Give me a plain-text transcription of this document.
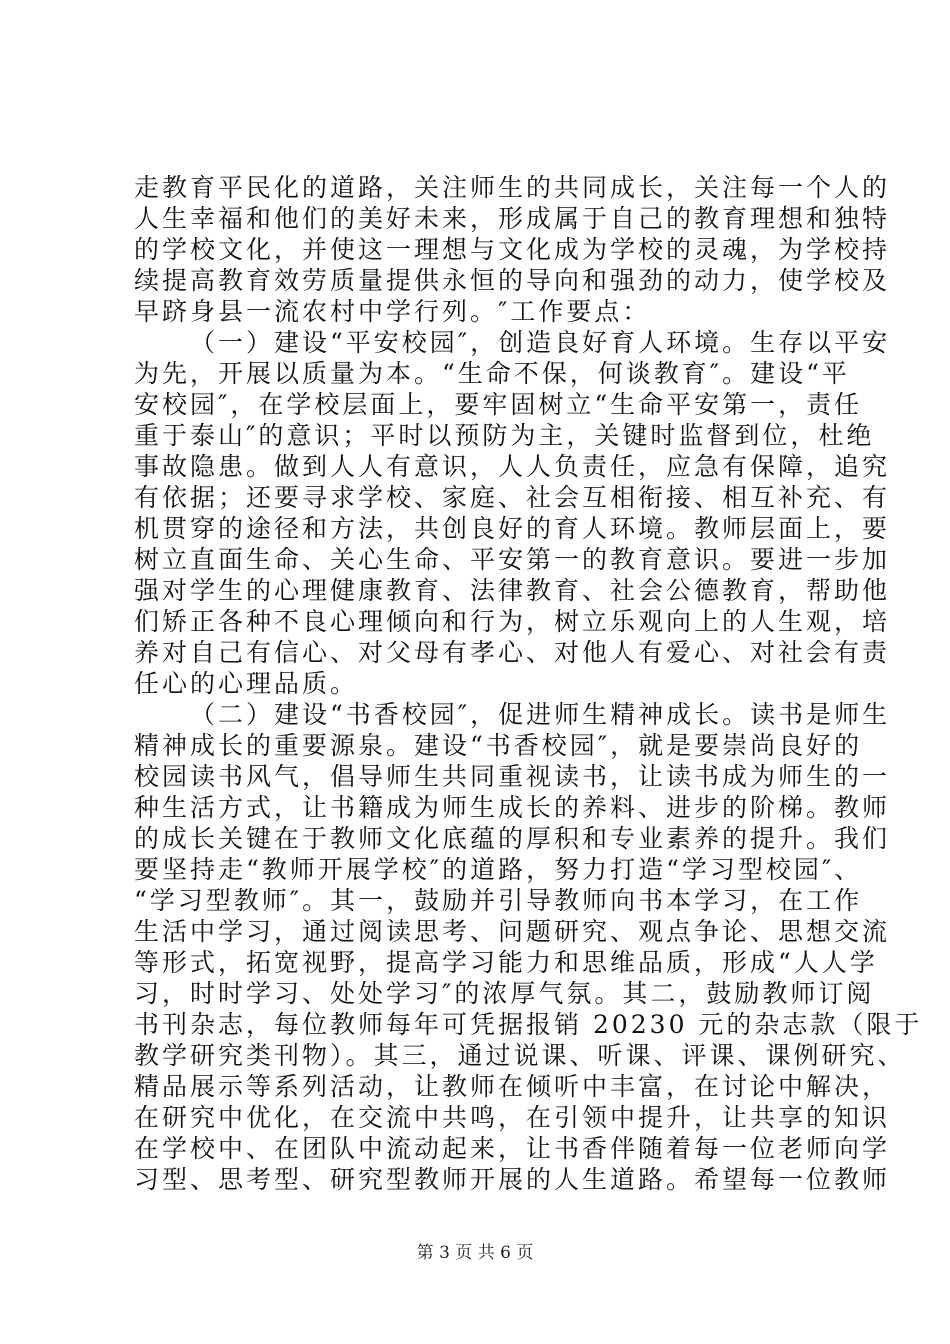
走教育平民化的道路，关注师生的共同成长，关注每一个人的
人生幸福和他们的美好未来，形成属于自己的教育理想和独特
的学校文化，并使这一理想与文化成为学校的灵魂，为学校持
续提高教育效劳质量提供永恒的导向和强劲的动力，使学校及
早跻身县一流农村中学行列。″工作要点：
（一）建设“平安校园″，创造良好育人环境。生存以平安
为先，开展以质量为本。“生命不保，何谈教育″。建设“平
安校园″，在学校层面上，要牢固树立“生命平安第一，责任
重于泰山″的意识；平时以预防为主，关键时监督到位，杜绝
事故隐患。做到人人有意识，人人负责任，应急有保障，追究
有依据；还要寻求学校、家庭、社会互相衔接、相互补充、有
机贯穿的途径和方法，共创良好的育人环境。教师层面上，要
树立直面生命、关心生命、平安第一的教育意识。要进一步加
强对学生的心理健康教育、法律教育、社会公德教育，帮助他
们矫正各种不良心理倾向和行为，树立乐观向上的人生观，培
养对自己有信心、对父母有孝心、对他人有爱心、对社会有责
任心的心理品质。
（二）建设“书香校园″，促进师生精神成长。读书是师生
精神成长的重要源泉。建设“书香校园″，就是要崇尚良好的
校园读书风气，倡导师生共同重视读书，让读书成为师生的一
种生活方式，让书籍成为师生成长的养料、进步的阶梯。教师
的成长关键在于教师文化底蕴的厚积和专业素养的提升。我们
要坚持走“教师开展学校″的道路，努力打造“学习型校园″、
“学习型教师″。其一，鼓励并引导教师向书本学习，在工作
生活中学习，通过阅读思考、问题研究、观点争论、思想交流
等形式，拓宽视野，提高学习能力和思维品质，形成“人人学
习，时时学习、处处学习″的浓厚气氛。其二，鼓励教师订阅
书刊杂志，每位教师每年可凭据报销 20230 元的杂志款（限于
教学研究类刊物）。其三，通过说课、听课、评课、课例研究、
精品展示等系列活动，让教师在倾听中丰富，在讨论中解决，
在研究中优化，在交流中共鸣，在引领中提升，让共享的知识
在学校中、在团队中流动起来，让书香伴随着每一位老师向学
习型、思考型、研究型教师开展的人生道路。希望每一位教师
第 3 页 共 6 页
